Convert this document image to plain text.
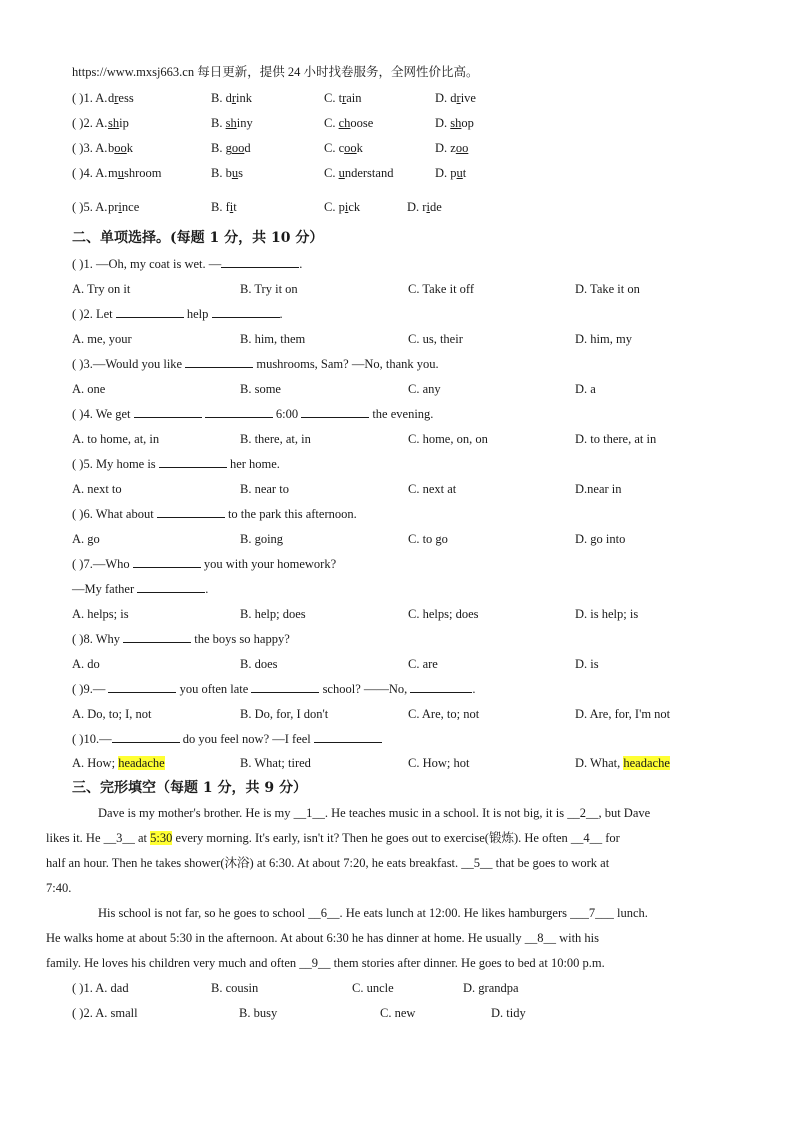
https://www.mxsj663.cn 每日更新，提供 24 小时找卷服务，全网性价比高。
( )1. A. dress	B. drink	C. train	D. drive
( )2. A. ship	B. shiny	C. choose	D. shop
( )3. A. book	B. good	C. cook	D. zoo
( )4. A. mushroom	B. bus	C. understand	D. put
( )5. A. prince	B. fit	C. pick	D. ride
二、单项选择。(每题 1 分，共 10 分）
( )1. —Oh, my coat is wet. —	.
A. Try on it	B. Try it on	C. Take it off	D. Take it on
( )2. Let	help	.
A. me, your	B. him, them	C. us, their	D. him, my
( )3.—Would you like	mushrooms, Sam? —No, thank you.
A. one	B. some	C. any	D. a
( )4. We get	6:00	the evening.
A. to home, at, in	B. there, at, in	C. home, on, on	D. to there, at in
( )5. My home is	her home.
A. next to	B. near to	C. next at	D.near in
( )6. What about	to the park this afternoon.
A. go	B. going	C. to go	D. go into
( )7.—Who	you with your homework?
—My father	.
A. helps; is	B. help; does	C. helps; does	D. is help; is
( )8. Why	the boys so happy?
A. do	B. does	C. are	D. is
( )9.—	you often late	school? ——No,	.
A. Do, to; I, not	B. Do, for, I don't	C. Are, to; not	D. Are, for, I'm not
( )10.—	do you feel now? —I feel
A. How; headache	B. What; tired	C. How; hot	D. What, headache
三、完形填空（每题 1 分，共 9 分）
Dave is my mother's brother. He is my __1__. He teaches music in a school. It is not big, it is __2__, but Dave
likes it. He __3__ at 5:30 every morning. It's early, isn't it? Then he goes out to exercise(锻炼). He often __4__ for
half an hour. Then he takes shower(沐浴) at 6:30. At about 7:20, he eats breakfast. __5__ that be goes to work at
7:40.
His school is not far, so he goes to school __6__. He eats lunch at 12:00. He likes hamburgers ___7___ lunch.
He walks home at about 5:30 in the afternoon. At about 6:30 he has dinner at home. He usually __8__ with his
family. He loves his children very much and often __9__ them stories after dinner. He goes to bed at 10:00 p.m.
( )1. A. dad	B. cousin	C. uncle	D. grandpa
( )2. A. small	B. busy	C. new	D. tidy
